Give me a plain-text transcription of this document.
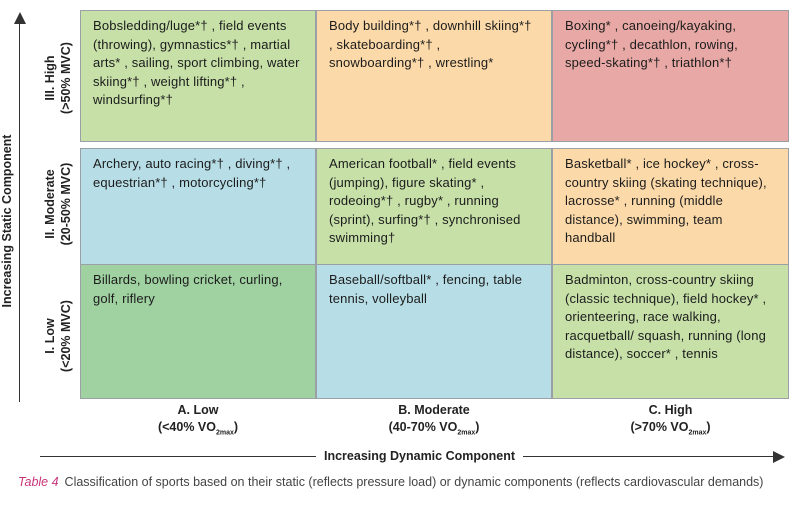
Increasing Static Component
III. High (>50% MVC)
II. Moderate (20-50% MVC)
I. Low (<20% MVC)
Bobsledding/luge*† , field events (throwing), gymnastics*† , martial arts* , sailing, sport climbing, water skiing*† , weight lifting*† , windsurfing*†
Body building*† , downhill skiing*† , skateboarding*† , snowboarding*† , wrestling*
Boxing* , canoeing/kayaking, cycling*† , decathlon, rowing, speed-skating*† , triathlon*†
Archery, auto racing*† , diving*† , equestrian*† , motorcycling*†
American football* , field events (jumping), figure skating* , rodeoing*† , rugby* , running (sprint), surfing*† , synchronised swimming†
Basketball* , ice hockey* , cross-country skiing (skating technique), lacrosse* , running (middle distance), swimming, team handball
Billards, bowling cricket, curling, golf, riflery
Baseball/softball* , fencing, table tennis, volleyball
Badminton, cross-country skiing (classic technique), field hockey* , orienteering, race walking, racquetball/ squash, running (long distance), soccer* , tennis
A. Low
(<40% $VO_{2max}$)
B. Moderate
(40-70% $VO_{2max}$)
C. High
(>70% $VO_{2max}$)
Increasing Dynamic Component
Table 4 Classification of sports based on their static (reflects pressure load) or dynamic components (reflects cardiovascular demands)
